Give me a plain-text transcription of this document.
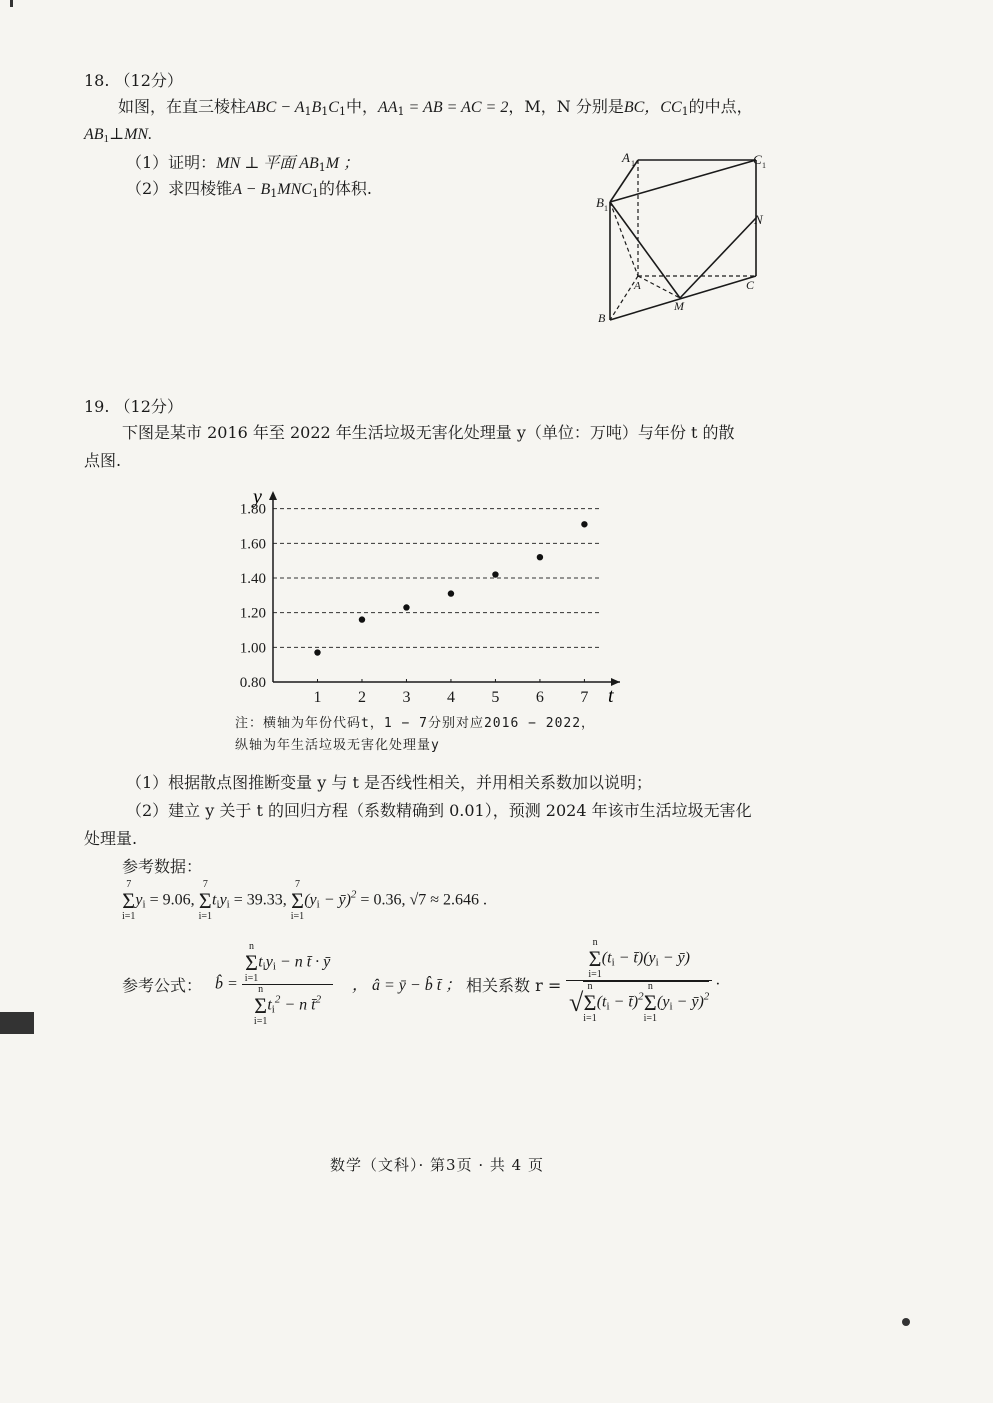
18. （12分）
如图，在直三棱柱ABC − $A_1B_1C_1$中，$AA_1$ = AB = AC = 2，M，N 分别是BC，$CC_1$的中点，
$AB_1\perp MN$.
（1）证明：MN ⊥ 平面 $AB_1M$ ；
（2）求四棱锥$A - B_1MNC_1$的体积.
A 1	C 1
B 1
N
A	C
M
B
19. （12分）
下图是某市 2016 年至 2022 年生活垃圾无害化处理量 y（单位：万吨）与年份 t 的散
点图.
0.80
1.00
1.20
1.40
1.60
1.80
1 2 3 4 5 6 7
y
t
注：横轴为年份代码t，1 − 7分别对应2016 − 2022，
纵轴为年生活垃圾无害化处理量y
（1）根据散点图推断变量 y 与 t 是否线性相关，并用相关系数加以说明；
（2）建立 y 关于 t 的回归方程（系数精确到 0.01），预测 2024 年该市生活垃圾无害化
处理量.
参考数据：
7
Σ
i=1
$y_i = 9.06$,
7
Σ
i=1
$t_iy_i = 39.33$,
7
Σ
i=1
($y_i$ − ȳ)$^2$ = 0.36, √7 ≈ 2.646 .
参考公式： b̂ = n
Σ
i=1
$t_iy_i - n$ t̄ · ȳ
n
Σ
i=1
$t_i^2 - n$ t̄$^2$ ， â = ȳ − b̂ t̄ ； 相关系数 r = n
Σ
i=1
($t_i$ − $t̄)(y_i$ − ȳ)
√
n
Σ
i=1
($t_i$ − t̄)$^2$
n
Σ
i=1
($y_i$ − ȳ)$^2$ .
数学（文科）· 第3页 · 共 4 页
